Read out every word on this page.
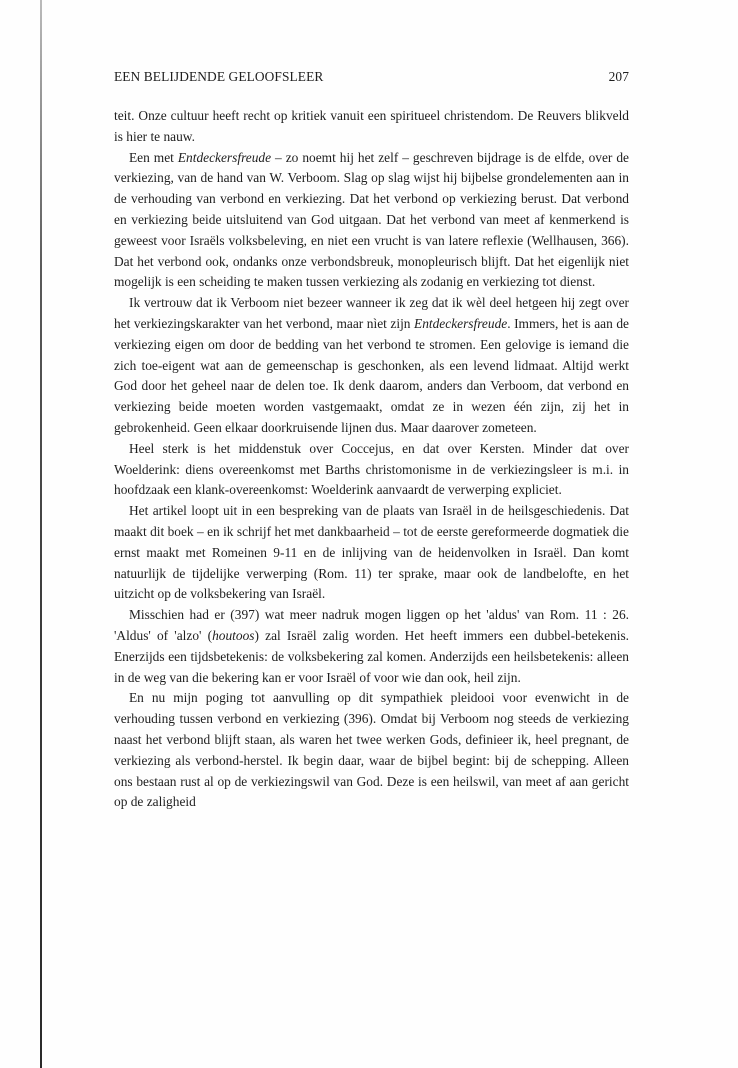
EEN BELIJDENDE GELOOFSLEER	207

teit. Onze cultuur heeft recht op kritiek vanuit een spiritueel christendom. De Reuvers blikveld is hier te nauw.

Een met Entdeckersfreude – zo noemt hij het zelf – geschreven bijdrage is de elfde, over de verkiezing, van de hand van W. Verboom. Slag op slag wijst hij bijbelse grondelementen aan in de verhouding van verbond en verkiezing. Dat het verbond op verkiezing berust. Dat verbond en verkiezing beide uitsluitend van God uitgaan. Dat het verbond van meet af kenmerkend is geweest voor Israëls volksbeleving, en niet een vrucht is van latere reflexie (Wellhausen, 366). Dat het verbond ook, ondanks onze verbondsbreuk, monopleurisch blijft. Dat het eigenlijk niet mogelijk is een scheiding te maken tussen verkiezing als zodanig en verkiezing tot dienst.

Ik vertrouw dat ik Verboom niet bezeer wanneer ik zeg dat ik wèl deel hetgeen hij zegt over het verkiezingskarakter van het verbond, maar nìet zijn Entdeckersfreude. Immers, het is aan de verkiezing eigen om door de bedding van het verbond te stromen. Een gelovige is iemand die zich toe-eigent wat aan de gemeenschap is geschonken, als een levend lidmaat. Altijd werkt God door het geheel naar de delen toe. Ik denk daarom, anders dan Verboom, dat verbond en verkiezing beide moeten worden vastgemaakt, omdat ze in wezen één zijn, zij het in gebrokenheid. Geen elkaar doorkruisende lijnen dus. Maar daarover zometeen.

Heel sterk is het middenstuk over Coccejus, en dat over Kersten. Minder dat over Woelderink: diens overeenkomst met Barths christomonisme in de verkiezingsleer is m.i. in hoofdzaak een klank-overeenkomst: Woelderink aanvaardt de verwerping expliciet.

Het artikel loopt uit in een bespreking van de plaats van Israël in de heilsgeschiedenis. Dat maakt dit boek – en ik schrijf het met dankbaarheid – tot de eerste gereformeerde dogmatiek die ernst maakt met Romeinen 9-11 en de inlijving van de heidenvolken in Israël. Dan komt natuurlijk de tijdelijke verwerping (Rom. 11) ter sprake, maar ook de landbelofte, en het uitzicht op de volksbekering van Israël.

Misschien had er (397) wat meer nadruk mogen liggen op het 'aldus' van Rom. 11 : 26. 'Aldus' of 'alzo' (houtoos) zal Israël zalig worden. Het heeft immers een dubbel-betekenis. Enerzijds een tijdsbetekenis: de volksbekering zal komen. Anderzijds een heilsbetekenis: alleen in de weg van die bekering kan er voor Israël of voor wie dan ook, heil zijn.

En nu mijn poging tot aanvulling op dit sympathiek pleidooi voor evenwicht in de verhouding tussen verbond en verkiezing (396). Omdat bij Verboom nog steeds de verkiezing naast het verbond blijft staan, als waren het twee werken Gods, definieer ik, heel pregnant, de verkiezing als verbond-herstel. Ik begin daar, waar de bijbel begint: bij de schepping. Alleen ons bestaan rust al op de verkiezingswil van God. Deze is een heilswil, van meet af aan gericht op de zaligheid
